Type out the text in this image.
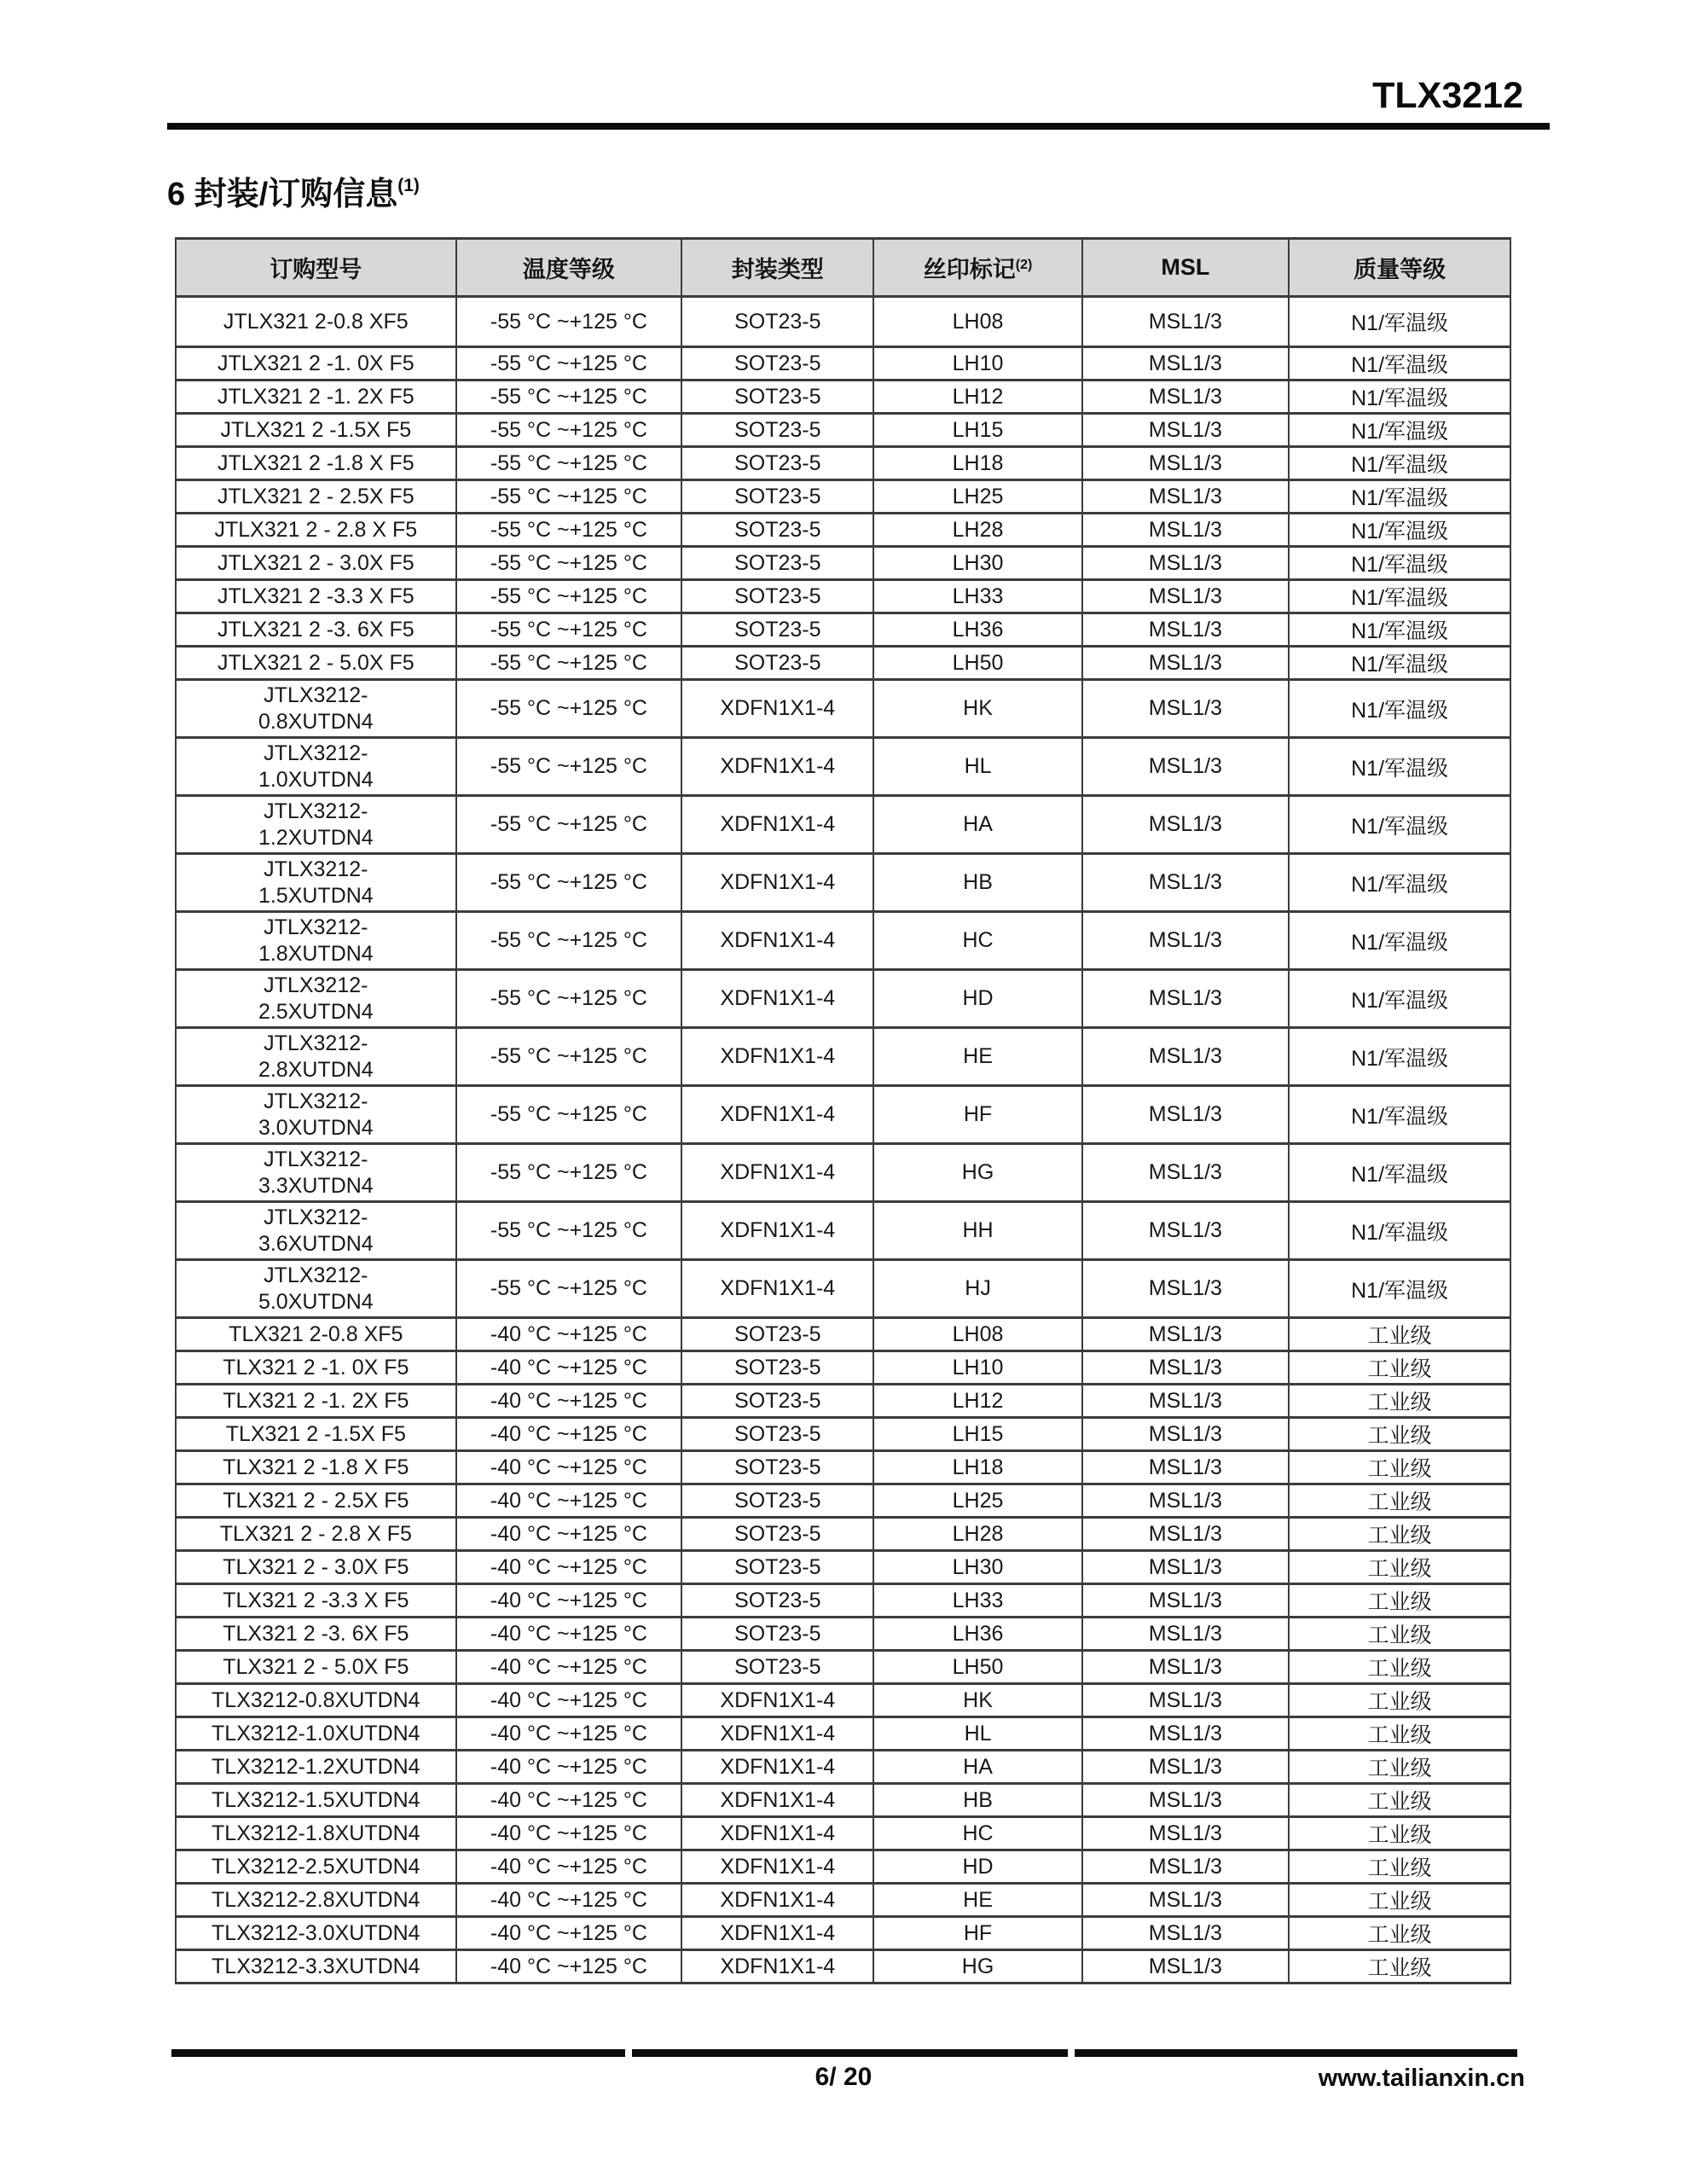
TLX3212
6 封装/订购信息$^{(1)}$
订购型号	温度等级	封装类型	丝印标记$^{(2)}$	MSL	质量等级
JTLX321 2-0.8 XF5	-55 °C ~+125 °C	SOT23-5	LH08	MSL1/3	N1/军温级
JTLX321 2 -1. 0X F5	-55 °C ~+125 °C	SOT23-5	LH10	MSL1/3	N1/军温级
JTLX321 2 -1. 2X F5	-55 °C ~+125 °C	SOT23-5	LH12	MSL1/3	N1/军温级
JTLX321 2 -1.5X F5	-55 °C ~+125 °C	SOT23-5	LH15	MSL1/3	N1/军温级
JTLX321 2 -1.8 X F5	-55 °C ~+125 °C	SOT23-5	LH18	MSL1/3	N1/军温级
JTLX321 2 - 2.5X F5	-55 °C ~+125 °C	SOT23-5	LH25	MSL1/3	N1/军温级
JTLX321 2 - 2.8 X F5	-55 °C ~+125 °C	SOT23-5	LH28	MSL1/3	N1/军温级
JTLX321 2 - 3.0X F5	-55 °C ~+125 °C	SOT23-5	LH30	MSL1/3	N1/军温级
JTLX321 2 -3.3 X F5	-55 °C ~+125 °C	SOT23-5	LH33	MSL1/3	N1/军温级
JTLX321 2 -3. 6X F5	-55 °C ~+125 °C	SOT23-5	LH36	MSL1/3	N1/军温级
JTLX321 2 - 5.0X F5	-55 °C ~+125 °C	SOT23-5	LH50	MSL1/3	N1/军温级

JTLX3212-
0.8XUTDN4	-55 °C ~+125 °C	XDFN1X1-4	HK	MSL1/3	N1/军温级

JTLX3212-
1.0XUTDN4	-55 °C ~+125 °C	XDFN1X1-4	HL	MSL1/3	N1/军温级

JTLX3212-
1.2XUTDN4	-55 °C ~+125 °C	XDFN1X1-4	HA	MSL1/3	N1/军温级

JTLX3212-
1.5XUTDN4	-55 °C ~+125 °C	XDFN1X1-4	HB	MSL1/3	N1/军温级

JTLX3212-
1.8XUTDN4	-55 °C ~+125 °C	XDFN1X1-4	HC	MSL1/3	N1/军温级

JTLX3212-
2.5XUTDN4	-55 °C ~+125 °C	XDFN1X1-4	HD	MSL1/3	N1/军温级

JTLX3212-
2.8XUTDN4	-55 °C ~+125 °C	XDFN1X1-4	HE	MSL1/3	N1/军温级

JTLX3212-
3.0XUTDN4	-55 °C ~+125 °C	XDFN1X1-4	HF	MSL1/3	N1/军温级

JTLX3212-
3.3XUTDN4	-55 °C ~+125 °C	XDFN1X1-4	HG	MSL1/3	N1/军温级

JTLX3212-
3.6XUTDN4	-55 °C ~+125 °C	XDFN1X1-4	HH	MSL1/3	N1/军温级

JTLX3212-
5.0XUTDN4	-55 °C ~+125 °C	XDFN1X1-4	HJ	MSL1/3	N1/军温级
TLX321 2-0.8 XF5	-40 °C ~+125 °C	SOT23-5	LH08	MSL1/3	工业级
TLX321 2 -1. 0X F5	-40 °C ~+125 °C	SOT23-5	LH10	MSL1/3	工业级
TLX321 2 -1. 2X F5	-40 °C ~+125 °C	SOT23-5	LH12	MSL1/3	工业级
TLX321 2 -1.5X F5	-40 °C ~+125 °C	SOT23-5	LH15	MSL1/3	工业级
TLX321 2 -1.8 X F5	-40 °C ~+125 °C	SOT23-5	LH18	MSL1/3	工业级
TLX321 2 - 2.5X F5	-40 °C ~+125 °C	SOT23-5	LH25	MSL1/3	工业级
TLX321 2 - 2.8 X F5	-40 °C ~+125 °C	SOT23-5	LH28	MSL1/3	工业级
TLX321 2 - 3.0X F5	-40 °C ~+125 °C	SOT23-5	LH30	MSL1/3	工业级
TLX321 2 -3.3 X F5	-40 °C ~+125 °C	SOT23-5	LH33	MSL1/3	工业级
TLX321 2 -3. 6X F5	-40 °C ~+125 °C	SOT23-5	LH36	MSL1/3	工业级
TLX321 2 - 5.0X F5	-40 °C ~+125 °C	SOT23-5	LH50	MSL1/3	工业级
TLX3212-0.8XUTDN4	-40 °C ~+125 °C	XDFN1X1-4	HK	MSL1/3	工业级
TLX3212-1.0XUTDN4	-40 °C ~+125 °C	XDFN1X1-4	HL	MSL1/3	工业级
TLX3212-1.2XUTDN4	-40 °C ~+125 °C	XDFN1X1-4	HA	MSL1/3	工业级
TLX3212-1.5XUTDN4	-40 °C ~+125 °C	XDFN1X1-4	HB	MSL1/3	工业级
TLX3212-1.8XUTDN4	-40 °C ~+125 °C	XDFN1X1-4	HC	MSL1/3	工业级
TLX3212-2.5XUTDN4	-40 °C ~+125 °C	XDFN1X1-4	HD	MSL1/3	工业级
TLX3212-2.8XUTDN4	-40 °C ~+125 °C	XDFN1X1-4	HE	MSL1/3	工业级
TLX3212-3.0XUTDN4	-40 °C ~+125 °C	XDFN1X1-4	HF	MSL1/3	工业级
TLX3212-3.3XUTDN4	-40 °C ~+125 °C	XDFN1X1-4	HG	MSL1/3	工业级
6/ 20	www.tailianxin.cn
